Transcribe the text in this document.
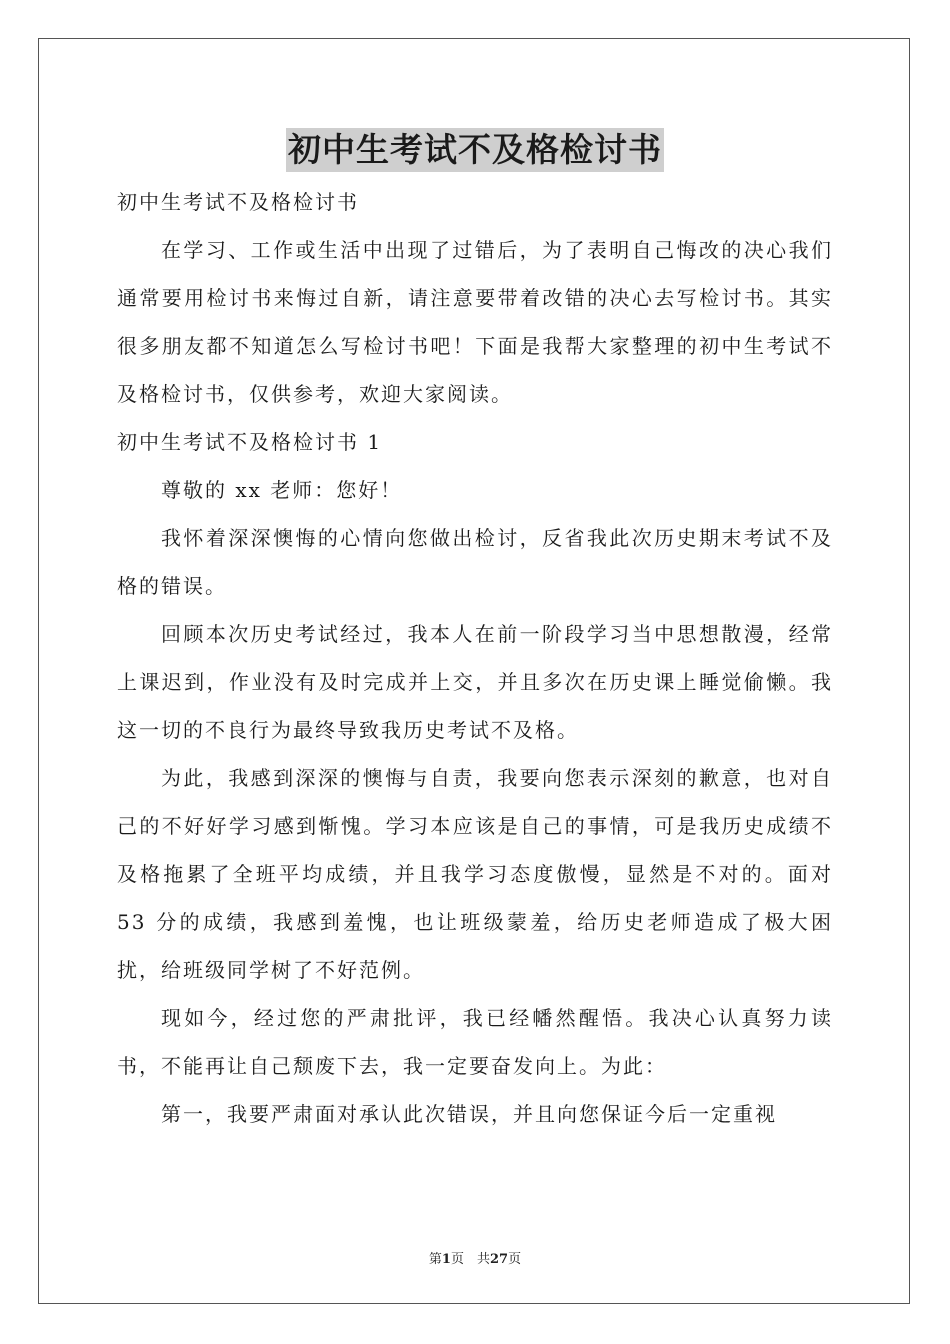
初中生考试不及格检讨书

初中生考试不及格检讨书

在学习、工作或生活中出现了过错后，为了表明自己悔改的决心我们通常要用检讨书来悔过自新，请注意要带着改错的决心去写检讨书。其实很多朋友都不知道怎么写检讨书吧！下面是我帮大家整理的初中生考试不及格检讨书，仅供参考，欢迎大家阅读。

初中生考试不及格检讨书 1

尊敬的 xx 老师：您好！

我怀着深深懊悔的心情向您做出检讨，反省我此次历史期末考试不及格的错误。

回顾本次历史考试经过，我本人在前一阶段学习当中思想散漫，经常上课迟到，作业没有及时完成并上交，并且多次在历史课上睡觉偷懒。我这一切的不良行为最终导致我历史考试不及格。

为此，我感到深深的懊悔与自责，我要向您表示深刻的歉意，也对自己的不好好学习感到惭愧。学习本应该是自己的事情，可是我历史成绩不及格拖累了全班平均成绩，并且我学习态度傲慢，显然是不对的。面对 53 分的成绩，我感到羞愧，也让班级蒙羞，给历史老师造成了极大困扰，给班级同学树了不好范例。

现如今，经过您的严肃批评，我已经幡然醒悟。我决心认真努力读书，不能再让自己颓废下去，我一定要奋发向上。为此：

第一，我要严肃面对承认此次错误，并且向您保证今后一定重视

第1页　共27页
